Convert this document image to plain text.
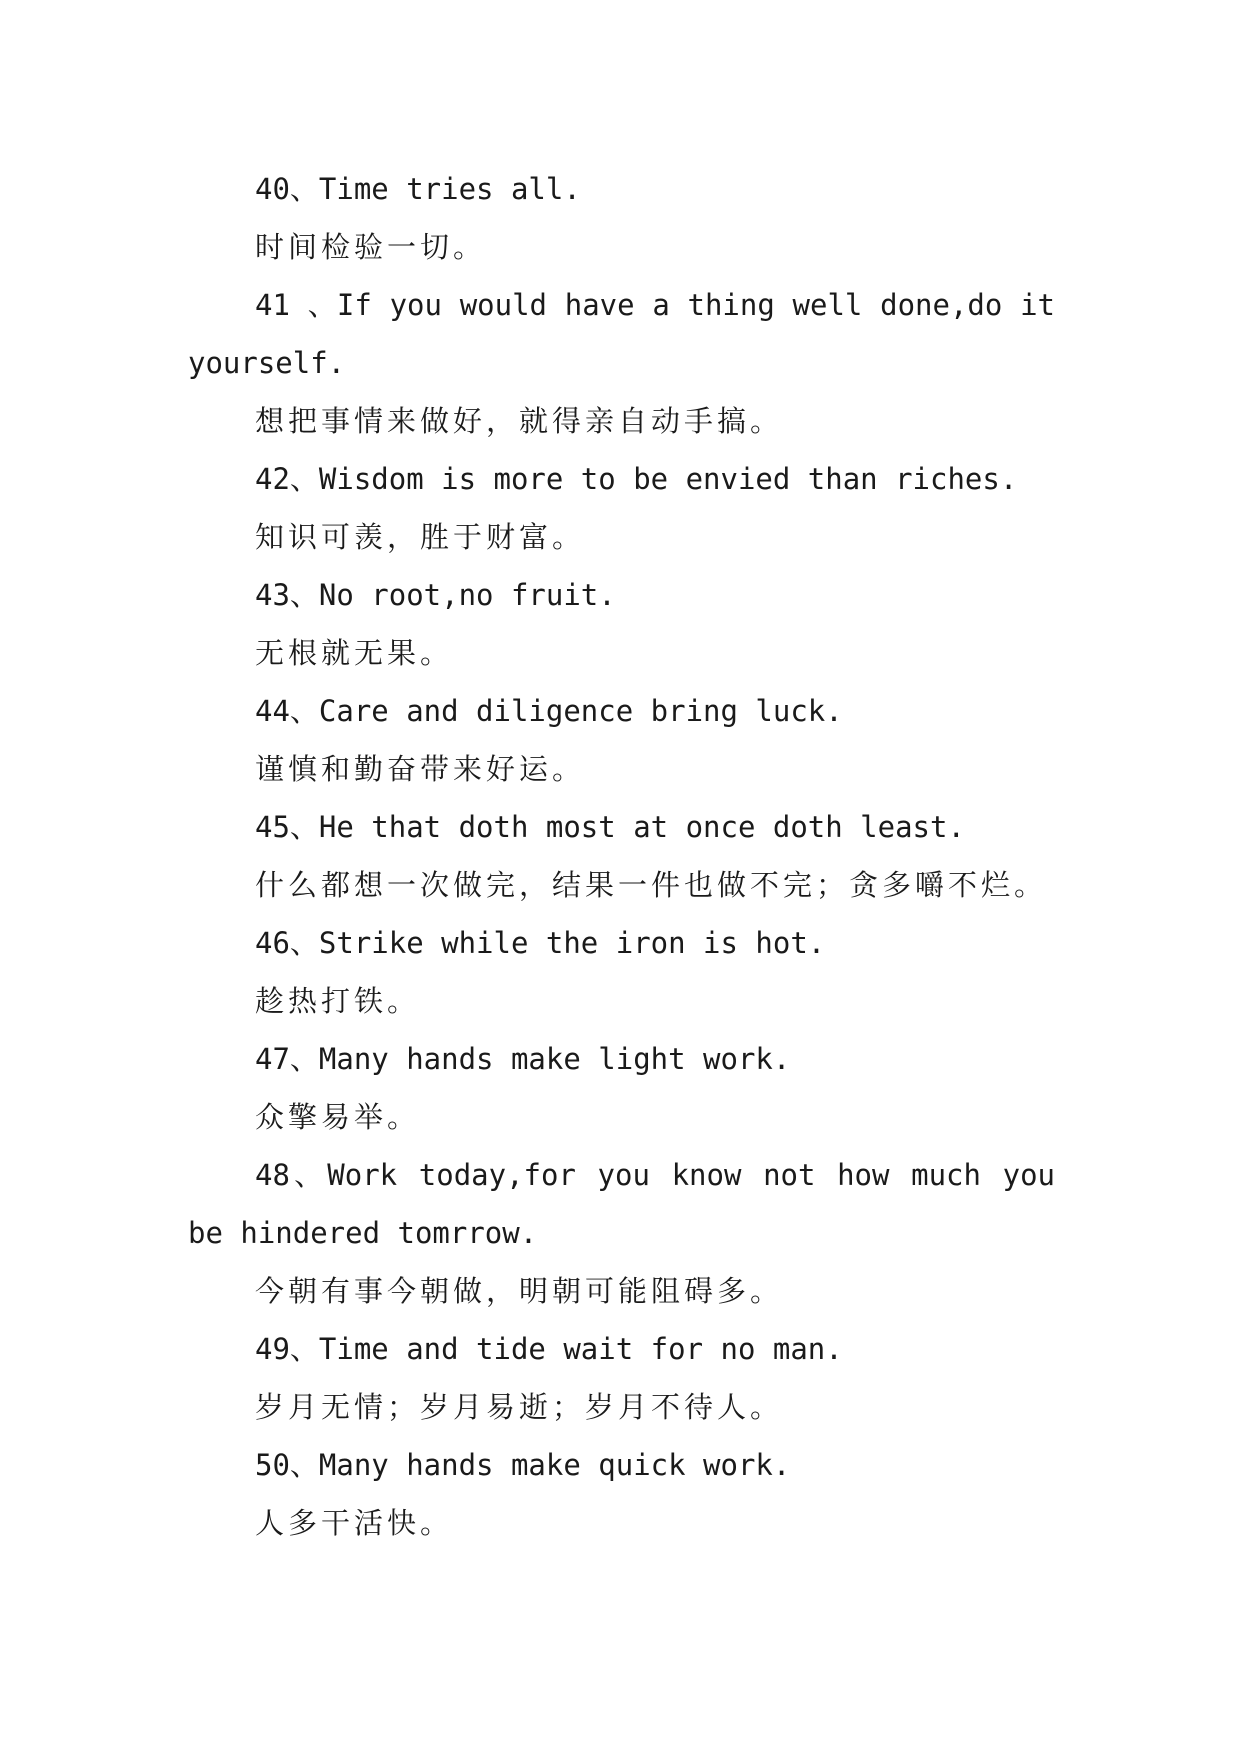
40、Time tries all.

时间检验一切。

41 、If you would have a thing well done,do it

yourself.

想把事情来做好，就得亲自动手搞。

42、Wisdom is more to be envied than riches.

知识可羡，胜于财富。

43、No root,no fruit.

无根就无果。

44、Care and diligence bring luck.

谨慎和勤奋带来好运。

45、He that doth most at once doth least.

什么都想一次做完，结果一件也做不完；贪多嚼不烂。

46、Strike while the iron is hot.

趁热打铁。

47、Many hands make light work.

众擎易举。

48、Work today,for you know not how much you

be hindered tomrrow.

今朝有事今朝做，明朝可能阻碍多。

49、Time and tide wait for no man.

岁月无情；岁月易逝；岁月不待人。

50、Many hands make quick work.

人多干活快。
